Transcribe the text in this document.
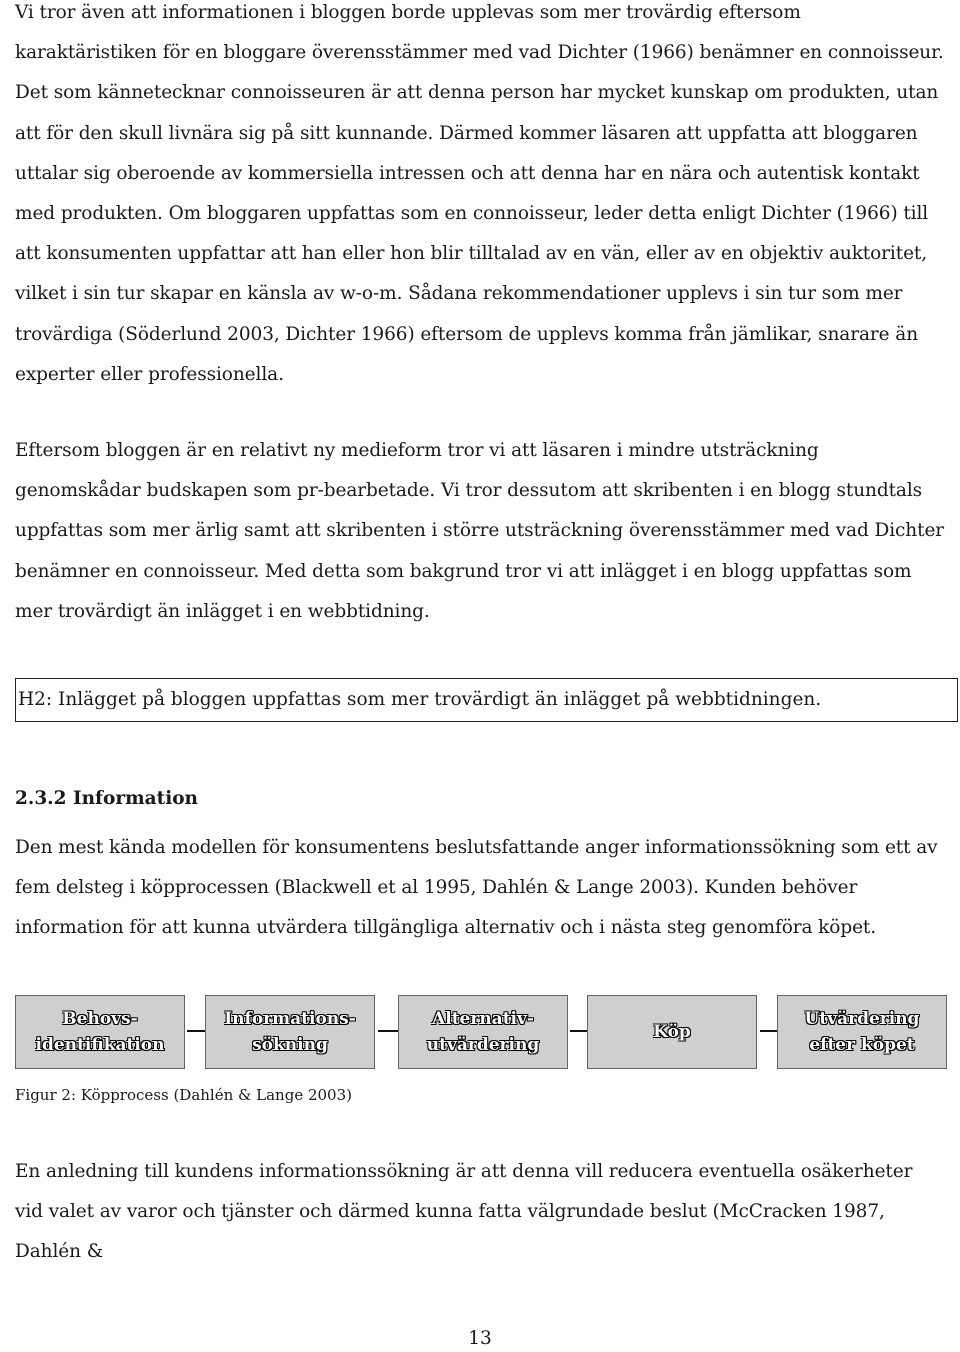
Vi tror även att informationen i bloggen borde upplevas som mer trovärdig eftersom karaktäristiken för en bloggare överensstämmer med vad Dichter (1966) benämner en connoisseur. Det som kännetecknar connoisseuren är att denna person har mycket kunskap om produkten, utan att för den skull livnära sig på sitt kunnande. Därmed kommer läsaren att uppfatta att bloggaren uttalar sig oberoende av kommersiella intressen och att denna har en nära och autentisk kontakt med produkten. Om bloggaren uppfattas som en connoisseur, leder detta enligt Dichter (1966) till att konsumenten uppfattar att han eller hon blir tilltalad av en vän, eller av en objektiv auktoritet, vilket i sin tur skapar en känsla av w-o-m. Sådana rekommendationer upplevs i sin tur som mer trovärdiga (Söderlund 2003, Dichter 1966) eftersom de upplevs komma från jämlikar, snarare än experter eller professionella.

Eftersom bloggen är en relativt ny medieform tror vi att läsaren i mindre utsträckning genomskådar budskapen som pr-bearbetade. Vi tror dessutom att skribenten i en blogg stundtals uppfattas som mer ärlig samt att skribenten i större utsträckning överensstämmer med vad Dichter benämner en connoisseur. Med detta som bakgrund tror vi att inlägget i en blogg uppfattas som mer trovärdigt än inlägget i en webbtidning.

H2: Inlägget på bloggen uppfattas som mer trovärdigt än inlägget på webbtidningen.
2.3.2 Information

Den mest kända modellen för konsumentens beslutsfattande anger informationssökning som ett av fem delsteg i köpprocessen (Blackwell et al 1995, Dahlén & Lange 2003). Kunden behöver information för att kunna utvärdera tillgängliga alternativ och i nästa steg genomföra köpet.

Behovs-
identifikation
Informations-
sökning
Alternativ-
utvärdering
Köp
Utvärdering
efter köpet
Figur 2: Köpprocess (Dahlén & Lange 2003)

En anledning till kundens informationssökning är att denna vill reducera eventuella osäkerheter vid valet av varor och tjänster och därmed kunna fatta välgrundade beslut (McCracken 1987, Dahlén &

13
